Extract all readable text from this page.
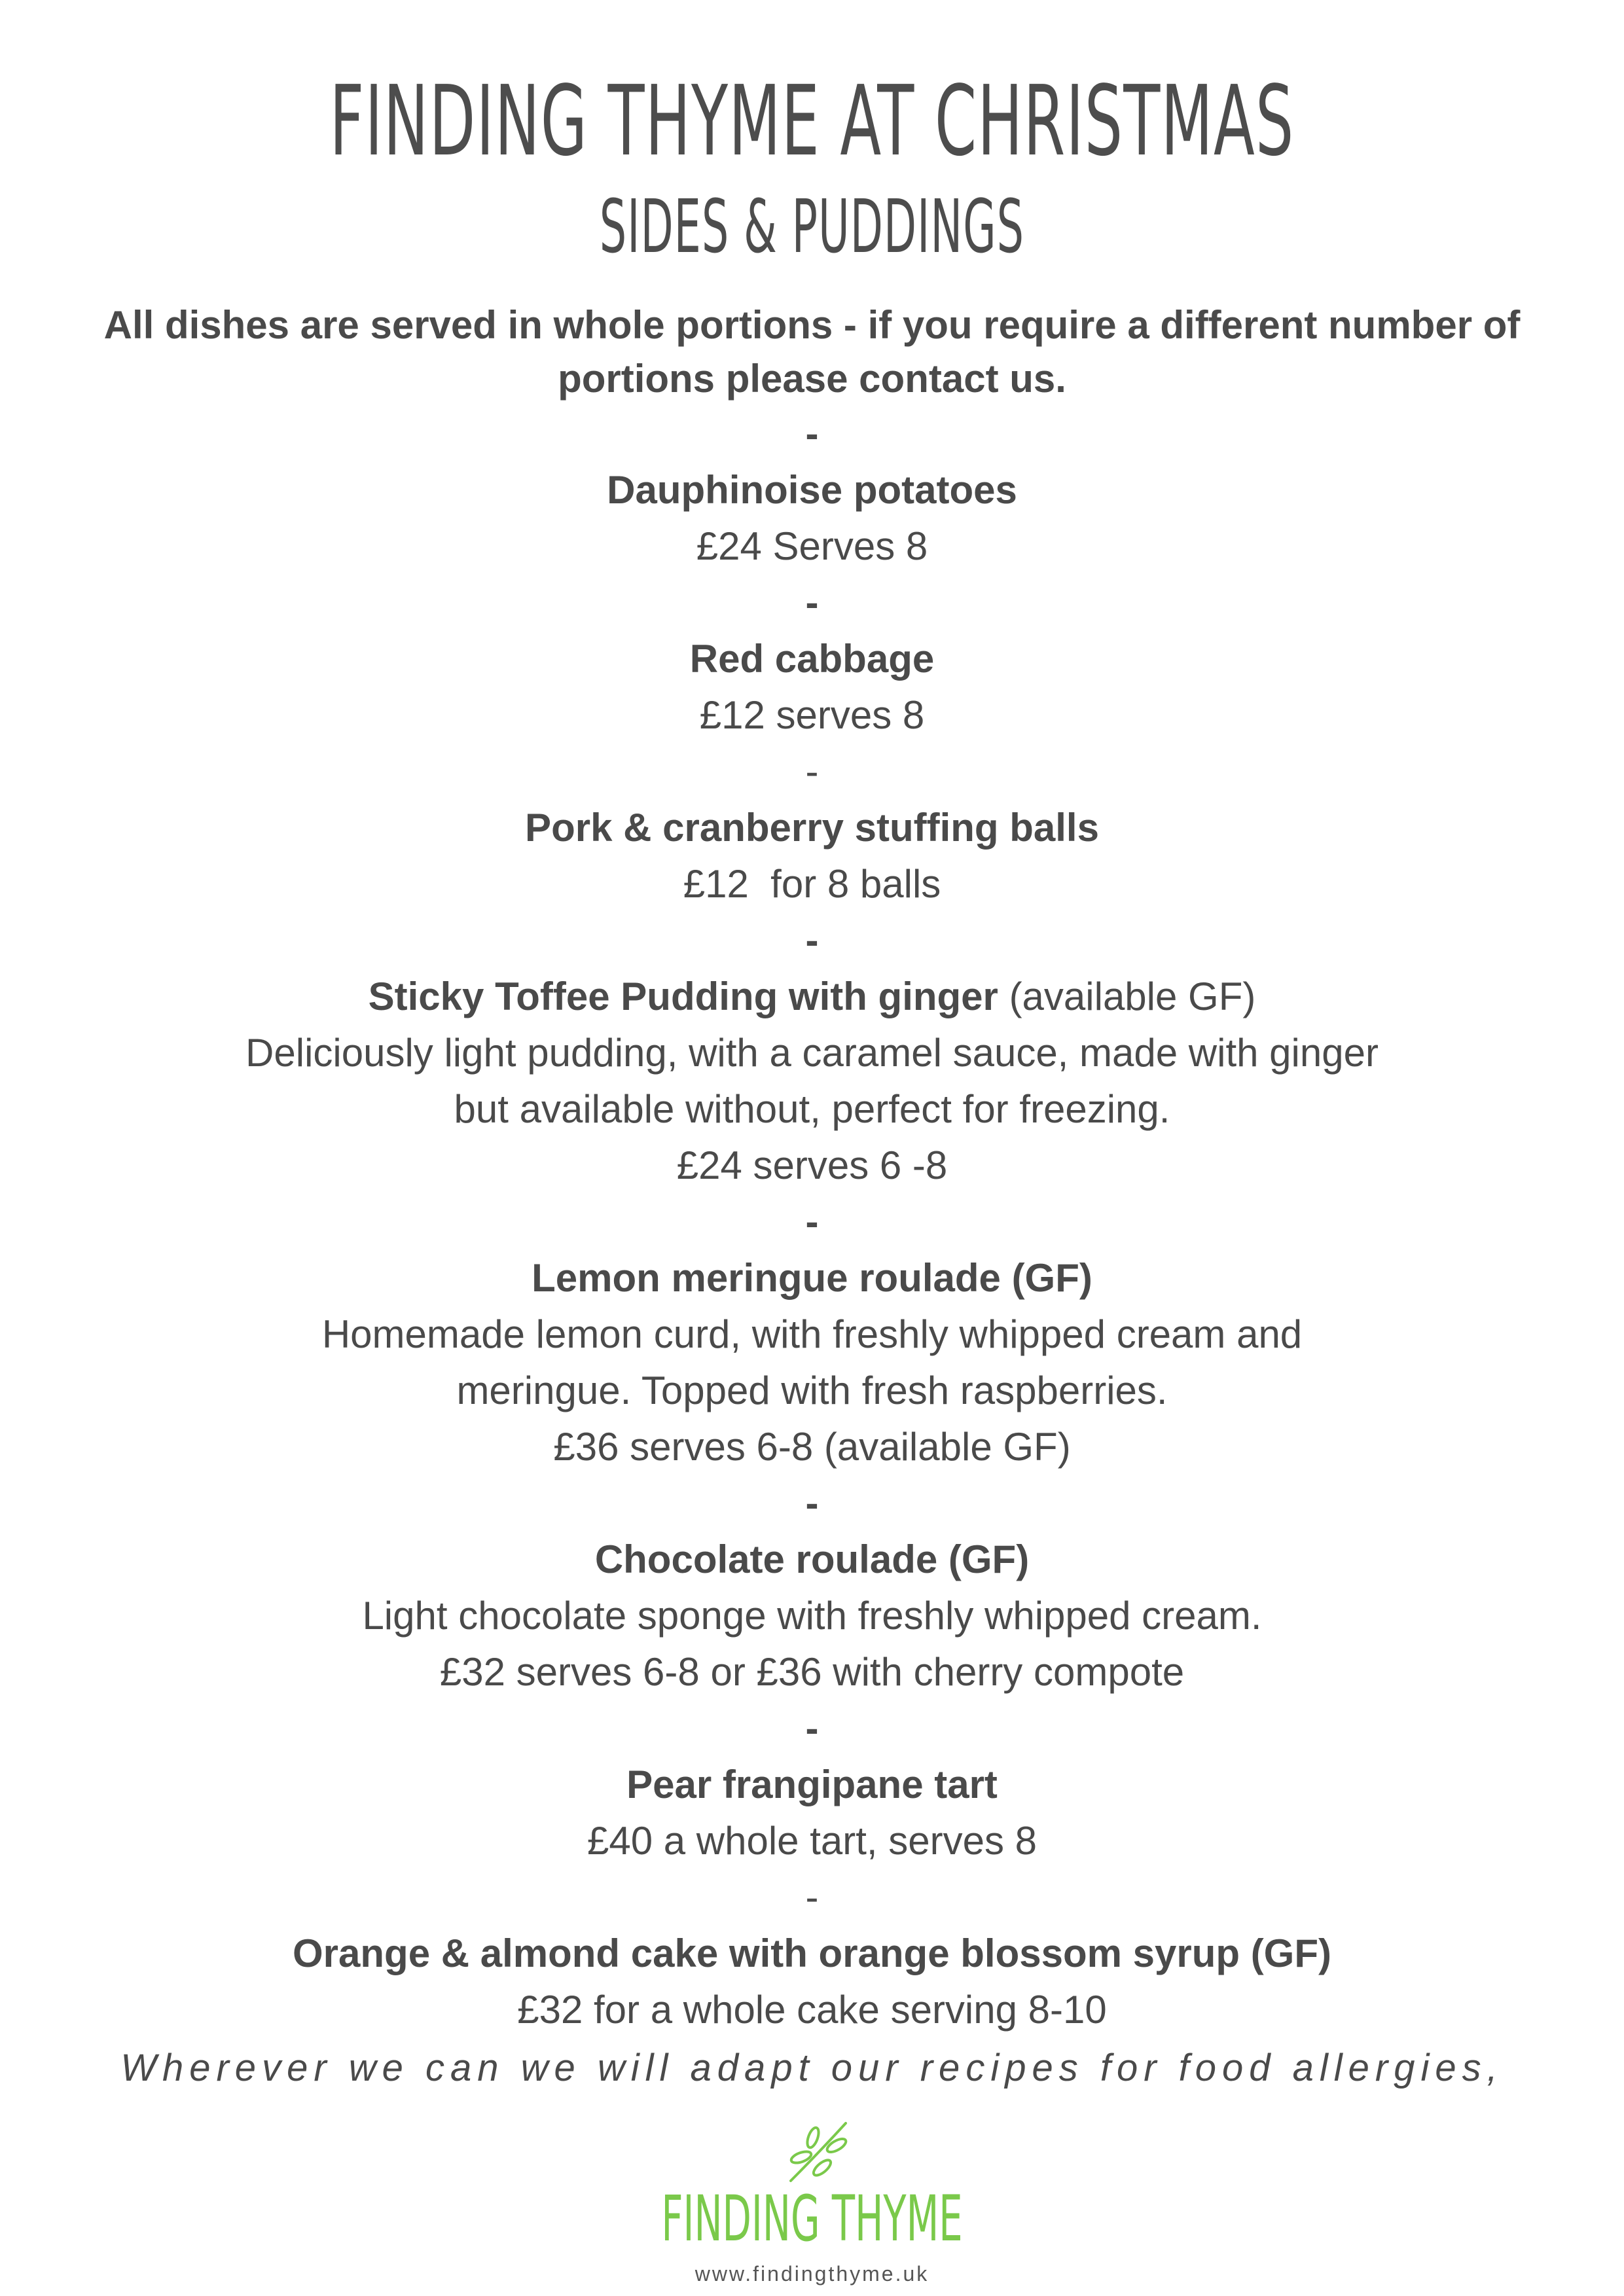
FINDING THYME AT CHRISTMAS
SIDES & PUDDINGS
All dishes are served in whole portions - if you require a different number of portions please contact us.
-
Dauphinoise potatoes
£24 Serves 8
-
Red cabbage
£12 serves 8
-
Pork & cranberry stuffing balls
£12  for 8 balls
-
Sticky Toffee Pudding with ginger (available GF)
Deliciously light pudding, with a caramel sauce, made with ginger
but available without, perfect for freezing.
£24 serves 6 -8
-
Lemon meringue roulade (GF)
Homemade lemon curd, with freshly whipped cream and
meringue. Topped with fresh raspberries.
£36 serves 6-8 (available GF)
-
Chocolate roulade (GF)
Light chocolate sponge with freshly whipped cream.
£32 serves 6-8 or £36 with cherry compote
-
Pear frangipane tart
£40 a whole tart, serves 8
-
Orange & almond cake with orange blossom syrup (GF)
£32 for a whole cake serving 8-10
Wherever we can we will adapt our recipes for food allergies,
FINDING THYME
www.findingthyme.uk
